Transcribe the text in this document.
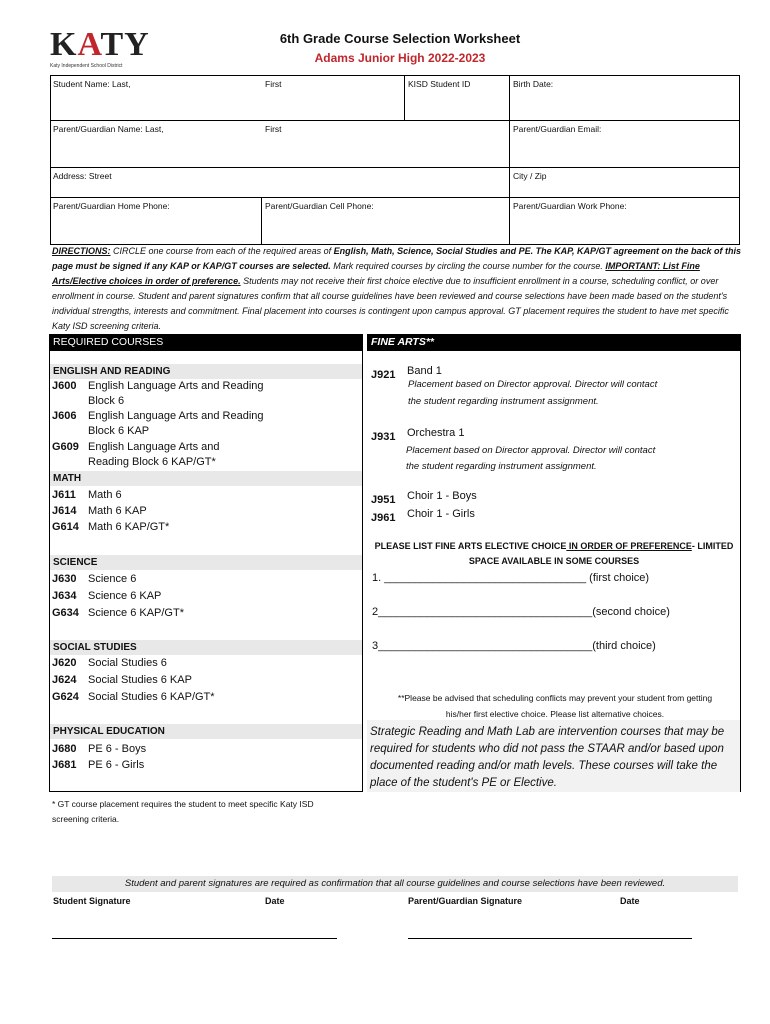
KATY
Katy Independent School District
6th Grade Course Selection Worksheet
Adams Junior High 2022-2023
Student Name: Last,	First	KISD Student ID	Birth Date:
Parent/Guardian Name: Last,	First	Parent/Guardian Email:
Address: Street	City / Zip
Parent/Guardian Home Phone:	Parent/Guardian Cell Phone:	Parent/Guardian Work Phone:
DIRECTIONS: CIRCLE one course from each of the required areas of English, Math, Science, Social Studies and PE. The KAP, KAP/GT agreement on the back of this page must be signed if any KAP or KAP/GT courses are selected. Mark required courses by circling the course number for the course. IMPORTANT: List Fine Arts/Elective choices in order of preference. Students may not receive their first choice elective due to insufficient enrollment in a course, scheduling conflict, or over enrollment in course. Student and parent signatures confirm that all course guidelines have been reviewed and course selections have been made based on the student's individual strengths, interests and commitment. Final placement into courses is contingent upon campus approval. GT placement requires the student to have met specific Katy ISD screening criteria.
REQUIRED COURSES
ENGLISH AND READING
J600 English Language Arts and Reading
Block 6
J606 English Language Arts and Reading
Block 6 KAP
G609 English Language Arts and
Reading Block 6 KAP/GT*
MATH
J611 Math 6
J614 Math 6 KAP
G614 Math 6 KAP/GT*
SCIENCE
J630 Science 6
J634 Science 6 KAP
G634 Science 6 KAP/GT*
SOCIAL STUDIES
J620 Social Studies 6
J624 Social Studies 6 KAP
G624 Social Studies 6 KAP/GT*
PHYSICAL EDUCATION
J680 PE 6 - Boys
J681 PE 6 - Girls
FINE ARTS**
J921 Band 1
Placement based on Director approval. Director will contact
the student regarding instrument assignment.
J931 Orchestra 1
Placement based on Director approval. Director will contact
the student regarding instrument assignment.
J951 Choir 1 - Boys
J961 Choir 1 - Girls
PLEASE LIST FINE ARTS ELECTIVE CHOICE IN ORDER OF PREFERENCE- LIMITED
SPACE AVAILABLE IN SOME COURSES
1. _________________________________ (first choice)
2___________________________________(second choice)
3___________________________________(third choice)
**Please be advised that scheduling conflicts may prevent your student from getting
his/her first elective choice. Please list alternative choices.
Strategic Reading and Math Lab are intervention courses that may be required for students who did not pass the STAAR and/or based upon documented reading and/or math levels. These courses will take the place of the student's PE or Elective.
* GT course placement requires the student to meet specific Katy ISD screening criteria.
Student and parent signatures are required as confirmation that all course guidelines and course selections have been reviewed.
Student Signature	Date	Parent/Guardian Signature	Date
